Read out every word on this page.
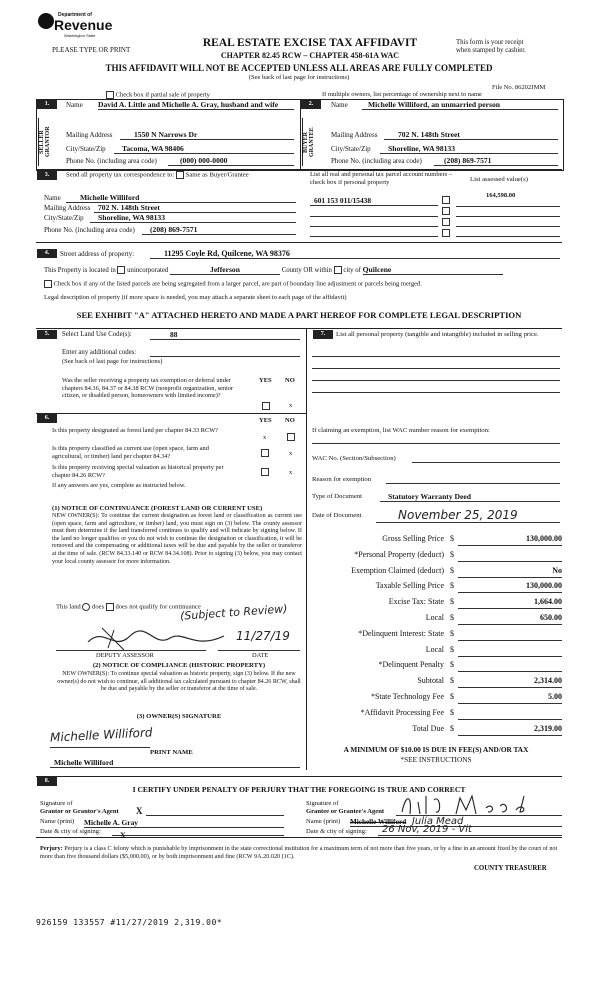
Department of
Revenue
Washington State
PLEASE TYPE OR PRINT
REAL ESTATE EXCISE TAX AFFIDAVIT
CHAPTER 82.45 RCW – CHAPTER 458-61A WAC
This form is your receipt
when stamped by cashier.
THIS AFFIDAVIT WILL NOT BE ACCEPTED UNLESS ALL AREAS ARE FULLY COMPLETED
(See back of last page for instructions)
File No. 86202JMM
Check box if partial sale of property	If multiple owners, list percentage of ownership next to name
1.
SELLER GRANTOR
Name David A. Little and Michelle A. Gray, husband and wife
Mailing Address	1550 N Narrows Dr
City/State/Zip	Tacoma, WA 98406
Phone No. (including area code)	(000) 000-0000
2.
BUYER GRANTEE
Name	Michelle Williford, an unmarried person
Mailing Address	702 N. 148th Street
City/State/Zip	Shoreline, WA 98133
Phone No. (including area code)	(208) 869-7571
3.	Send all property tax correspondence to: Same as Buyer/Grantee
Name	Michelle Williford
Mailing Address 702 N. 148th Street
City/State/Zip	Shoreline, WA 98133
Phone No. (including area code)	(208) 869-7571
List all real and personal tax parcel account numbers – check box if personal property	List assessed value(s)
164,598.00
601 153 011/15438
4.	Street address of property:	11295 Coyle Rd, Quilcene, WA 98376
This Property is located in unincorporated	Jefferson	County OR within city of Quilcene
Check box if any of the listed parcels are being segregated from a larger parcel, are part of boundary line adjustment or parcels being merged.
Legal description of property (if more space is needed, you may attach a separate sheet to each page of the affidavit)
SEE EXHIBIT "A" ATTACHED HERETO AND MADE A PART HEREOF FOR COMPLETE LEGAL DESCRIPTION
5.	Select Land Use Code(s):	88
Enter any additional codes:
(See back of last page for instructions)
YES NO
Was the seller receiving a property tax exemption or deferral under chapters 84.36, 84.37 or 84.38 RCW (nonprofit organization, senior citizen, or disabled person, homeowners with limited income)?
x
6.	YES NO
Is this property designated as forest land per chapter 84.33 RCW?
x
Is this property classified as current use (open space, farm and agricultural, or timber) land per chapter 84.34?	x
Is this property receiving special valuation as historical property per chapter 84.26 RCW?	x
If any answers are yes, complete as instructed below.
(1) NOTICE OF CONTINUANCE (FOREST LAND OR CURRENT USE)
NEW OWNER(S): To continue the current designation as forest land or classification as current use (open space, farm and agriculture, or timber) land, you must sign on (3) below. The county assessor must then determine if the land transferred continues to qualify and will indicate by signing below. If the land no longer qualifies or you do not wish to continue the designation or classification, it will be removed and the compensating or additional taxes will be due and payable by the seller or transferor at the time of sale. (RCW 84.33.140 or RCW 84.34.108). Prior to signing (3) below, you may contact your local county assessor for more information.
This land does does not qualify for continuance
(Subject to Review)
11/27/19
DEPUTY ASSESSOR	DATE
(2) NOTICE OF COMPLIANCE (HISTORIC PROPERTY)
NEW OWNER(S): To continue special valuation as historic property, sign (3) below. If the new owner(s) do not wish to continue, all additional tax calculated pursuant to chapter 84.26 RCW, shall be due and payable by the seller or transferor at the time of sale.
(3) OWNER(S) SIGNATURE
Michelle Williford
PRINT NAME
Michelle Williford
7.	List all personal property (tangible and intangible) included in selling price.
If claiming an exemption, list WAC number reason for exemption:
WAC No. (Section/Subsection)
Reason for exemption
Type of Document	Statutory Warranty Deed
Date of Document	November 25, 2019
Gross Selling Price $	130,000.00
*Personal Property (deduct) $
Exemption Claimed (deduct) $	No
Taxable Selling Price $	130,000.00
Excise Tax: State $	1,664.00
Local $	650.00
*Delinquent Interest: State $
Local $
*Delinquent Penalty $
Subtotal $	2,314.00
*State Technology Fee $	5.00
*Affidavit Processing Fee $
Total Due $	2,319.00
A MINIMUM OF $10.00 IS DUE IN FEE(S) AND/OR TAX
*SEE INSTRUCTIONS
8.
I CERTIFY UNDER PENALTY OF PERJURY THAT THE FOREGOING IS TRUE AND CORRECT
Signature of
Grantor or Grantor's Agent X
Name (print) Michelle A. Gray
Date & city of signing: X
Signature of
Grantee or Grantee's Agent
Name (print) Michelle Williford Julia Mead
Date & city of signing:	26 Nov, 2019 - Vit
Perjury: Perjury is a class C felony which is punishable by imprisonment in the state correctional institution for a maximum term of not more than five years, or by a fine in an amount fixed by the court of not more than five thousand dollars ($5,000.00), or by both imprisonment and fine (RCW 9A.20.020 (1C).
COUNTY TREASURER
926159 133557 #11/27/2019 2,319.00*
